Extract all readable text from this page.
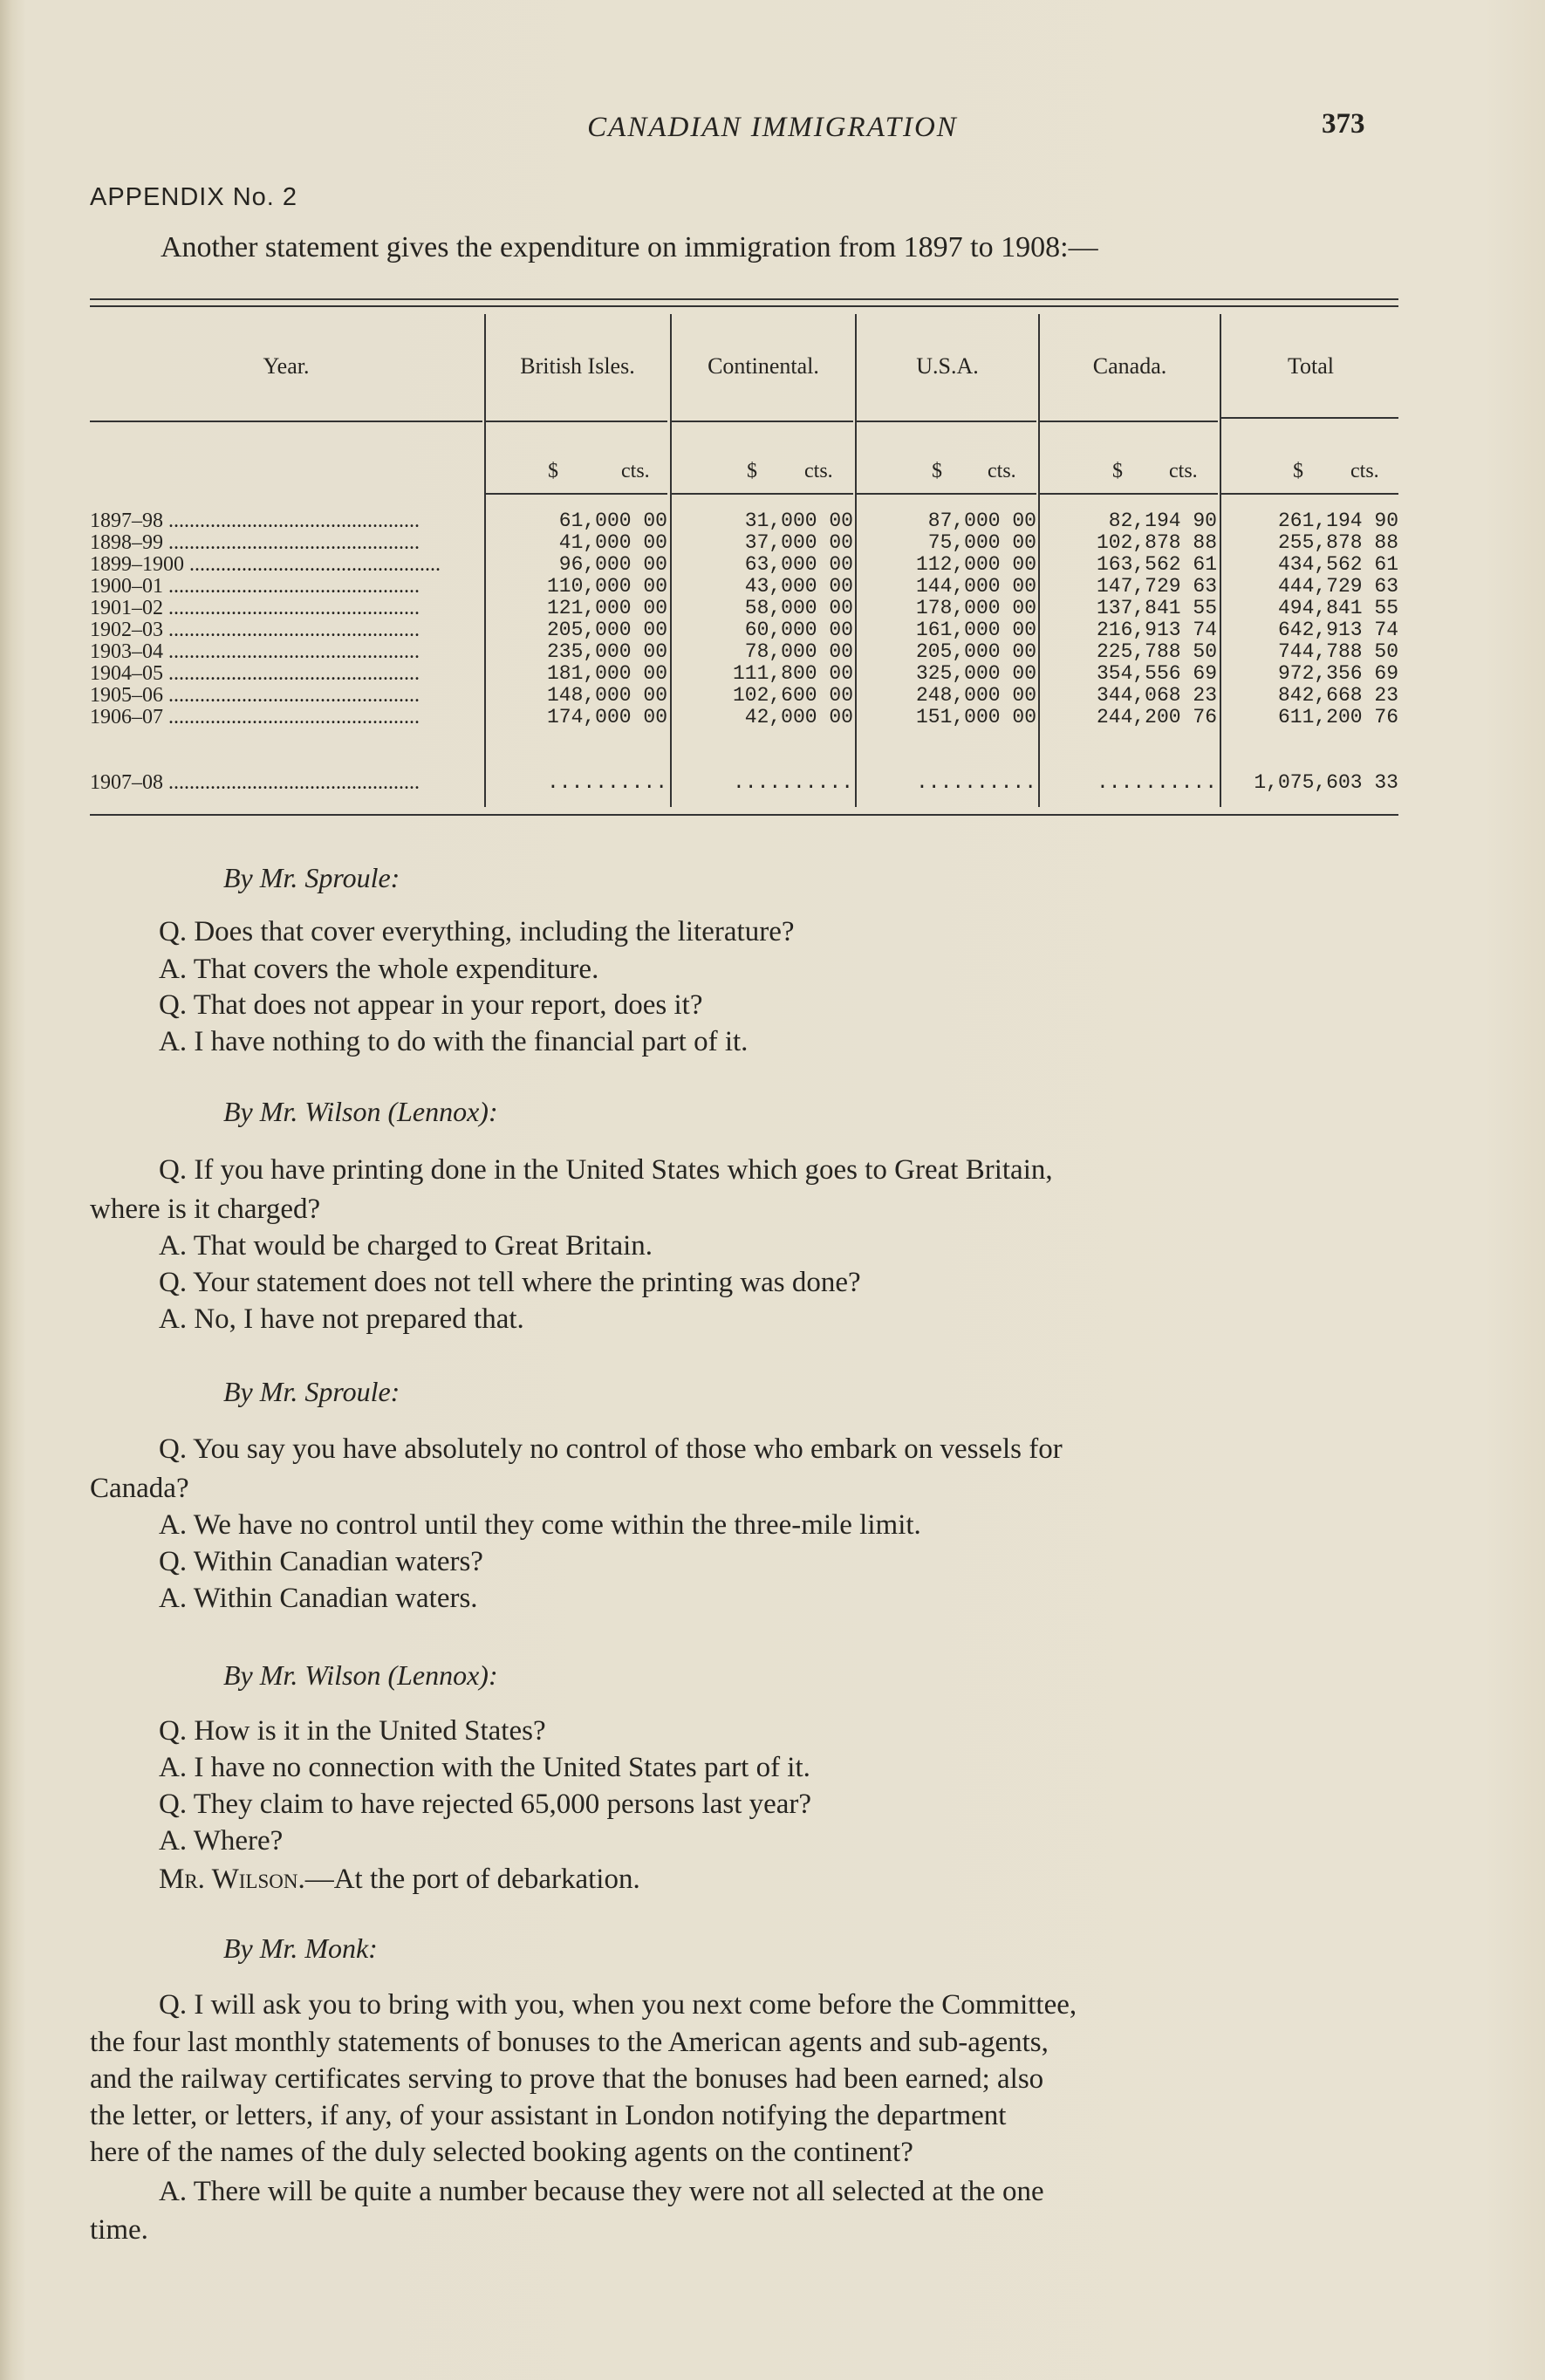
CANADIAN IMMIGRATION	373
APPENDIX No. 2
Another statement gives the expenditure on immigration from 1897 to 1908:—
Year.	British Isles.	Continental.	U.S.A.	Canada.	Total
$	cts.	$ cts.	$ cts.	$ cts.	$ cts.
1897–98 ................................................	61,000 00	31,000 00	87,000 00	82,194 90	261,194 90
1898–99 ................................................	41,000 00	37,000 00	75,000 00	102,878 88	255,878 88
1899–1900 ................................................	96,000 00	63,000 00	112,000 00	163,562 61	434,562 61
1900–01 ................................................	110,000 00	43,000 00	144,000 00	147,729 63	444,729 63
1901–02 ................................................	121,000 00	58,000 00	178,000 00	137,841 55	494,841 55
1902–03 ................................................	205,000 00	60,000 00	161,000 00	216,913 74	642,913 74
1903–04 ................................................	235,000 00	78,000 00	205,000 00	225,788 50	744,788 50
1904–05 ................................................	181,000 00	111,800 00	325,000 00	354,556 69	972,356 69
1905–06 ................................................	148,000 00	102,600 00	248,000 00	344,068 23	842,668 23
1906–07 ................................................	174,000 00	42,000 00	151,000 00	244,200 76	611,200 76
1907–08 ................................................	..........	..........	..........	..........	1,075,603 33
By Mr. Sproule:
Q. Does that cover everything, including the literature?
A. That covers the whole expenditure.
Q. That does not appear in your report, does it?
A. I have nothing to do with the financial part of it.
By Mr. Wilson (Lennox):
Q. If you have printing done in the United States which goes to Great Britain,
where is it charged?
A. That would be charged to Great Britain.
Q. Your statement does not tell where the printing was done?
A. No, I have not prepared that.
By Mr. Sproule:
Q. You say you have absolutely no control of those who embark on vessels for
Canada?
A. We have no control until they come within the three-mile limit.
Q. Within Canadian waters?
A. Within Canadian waters.
By Mr. Wilson (Lennox):
Q. How is it in the United States?
A. I have no connection with the United States part of it.
Q. They claim to have rejected 65,000 persons last year?
A. Where?
Mr. Wilson.—At the port of debarkation.
By Mr. Monk:
Q. I will ask you to bring with you, when you next come before the Committee,
the four last monthly statements of bonuses to the American agents and sub-agents,
and the railway certificates serving to prove that the bonuses had been earned; also
the letter, or letters, if any, of your assistant in London notifying the department
here of the names of the duly selected booking agents on the continent?
A. There will be quite a number because they were not all selected at the one
time.
